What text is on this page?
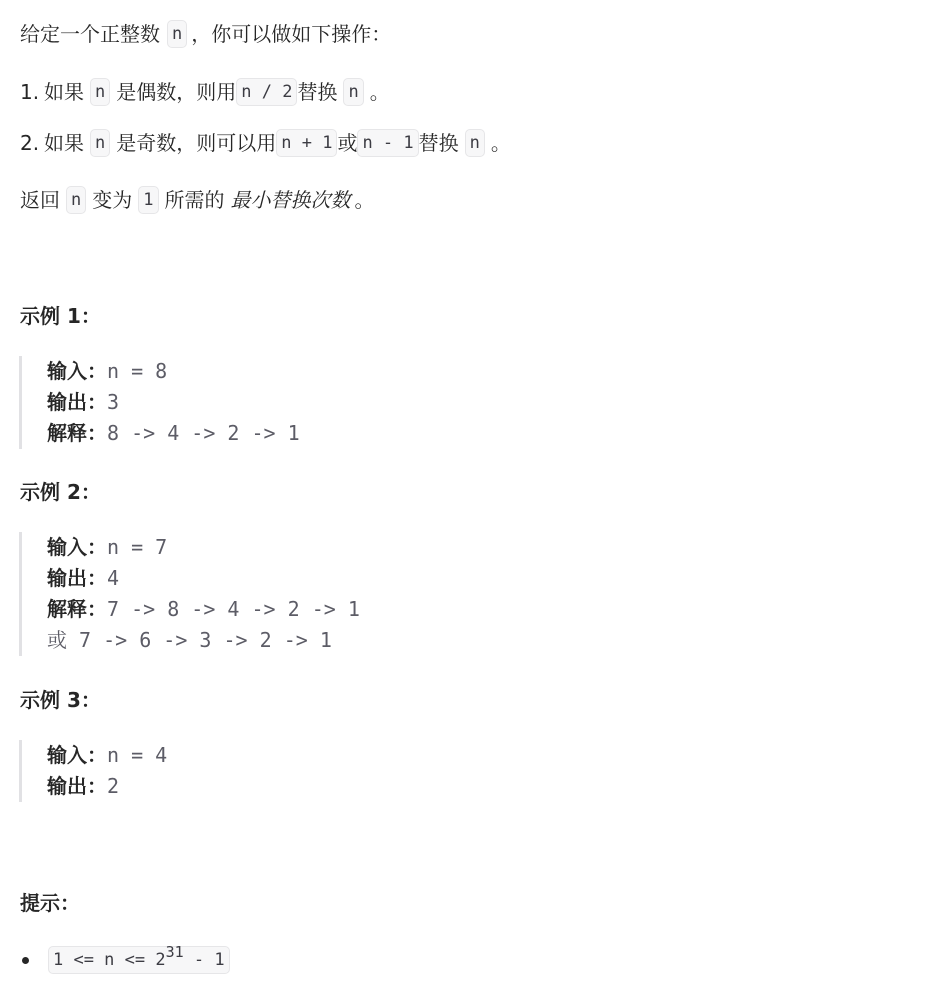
给定一个正整数 n ，你可以做如下操作：
1. 如果 n 是偶数，则用 n / 2 替换 n 。
2. 如果 n 是奇数，则可以用 n + 1 或 n - 1 替换 n 。
返回 n 变为 1 所需的 最小替换次数 。
示例 1：
输入： n = 8
输出： 3
解释： 8 -> 4 -> 2 -> 1
示例 2：
输入： n = 7
输出： 4
解释： 7 -> 8 -> 4 -> 2 -> 1
或 7 -> 6 -> 3 -> 2 -> 1
示例 3：
输入： n = 4
输出： 2
提示：
$1 <= n <= 2^{31} - 1$
